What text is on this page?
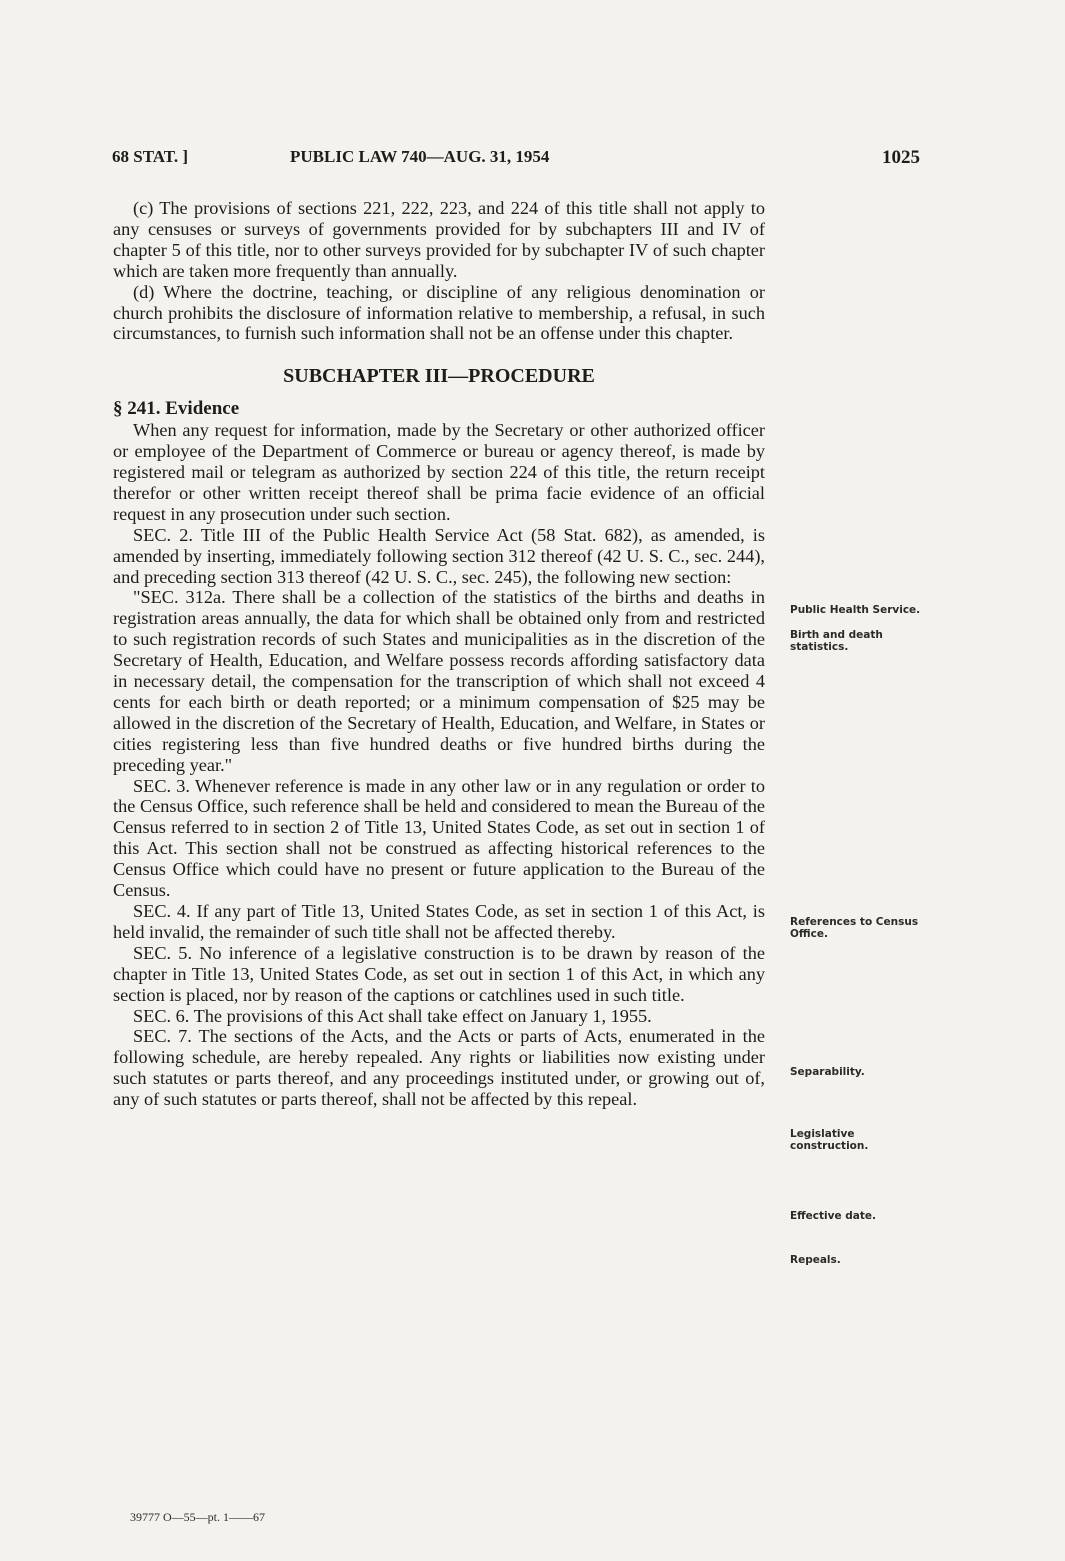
68 STAT. ]	PUBLIC LAW 740—AUG. 31, 1954	1025

(c) The provisions of sections 221, 222, 223, and 224 of this title shall not apply to any censuses or surveys of governments provided for by subchapters III and IV of chapter 5 of this title, nor to other surveys provided for by subchapter IV of such chapter which are taken more frequently than annually.

(d) Where the doctrine, teaching, or discipline of any religious denomination or church prohibits the disclosure of information relative to membership, a refusal, in such circumstances, to furnish such information shall not be an offense under this chapter.

SUBCHAPTER III—PROCEDURE

§ 241. Evidence

When any request for information, made by the Secretary or other authorized officer or employee of the Department of Commerce or bureau or agency thereof, is made by registered mail or telegram as authorized by section 224 of this title, the return receipt therefor or other written receipt thereof shall be prima facie evidence of an official request in any prosecution under such section.

SEC. 2. Title III of the Public Health Service Act (58 Stat. 682), as amended, is amended by inserting, immediately following section 312 thereof (42 U. S. C., sec. 244), and preceding section 313 thereof (42 U. S. C., sec. 245), the following new section:

"SEC. 312a. There shall be a collection of the statistics of the births and deaths in registration areas annually, the data for which shall be obtained only from and restricted to such registration records of such States and municipalities as in the discretion of the Secretary of Health, Education, and Welfare possess records affording satisfactory data in necessary detail, the compensation for the transcription of which shall not exceed 4 cents for each birth or death reported; or a minimum compensation of $25 may be allowed in the discretion of the Secretary of Health, Education, and Welfare, in States or cities registering less than five hundred deaths or five hundred births during the preceding year."

SEC. 3. Whenever reference is made in any other law or in any regulation or order to the Census Office, such reference shall be held and considered to mean the Bureau of the Census referred to in section 2 of Title 13, United States Code, as set out in section 1 of this Act. This section shall not be construed as affecting historical references to the Census Office which could have no present or future application to the Bureau of the Census.

SEC. 4. If any part of Title 13, United States Code, as set in section 1 of this Act, is held invalid, the remainder of such title shall not be affected thereby.

SEC. 5. No inference of a legislative construction is to be drawn by reason of the chapter in Title 13, United States Code, as set out in section 1 of this Act, in which any section is placed, nor by reason of the captions or catchlines used in such title.

SEC. 6. The provisions of this Act shall take effect on January 1, 1955.

SEC. 7. The sections of the Acts, and the Acts or parts of Acts, enumerated in the following schedule, are hereby repealed. Any rights or liabilities now existing under such statutes or parts thereof, and any proceedings instituted under, or growing out of, any of such statutes or parts thereof, shall not be affected by this repeal.

Public Health Service.
Birth and death statistics.
References to Census Office.
Separability.
Legislative construction.
Effective date.
Repeals.
39777 O—55—pt. 1——67
